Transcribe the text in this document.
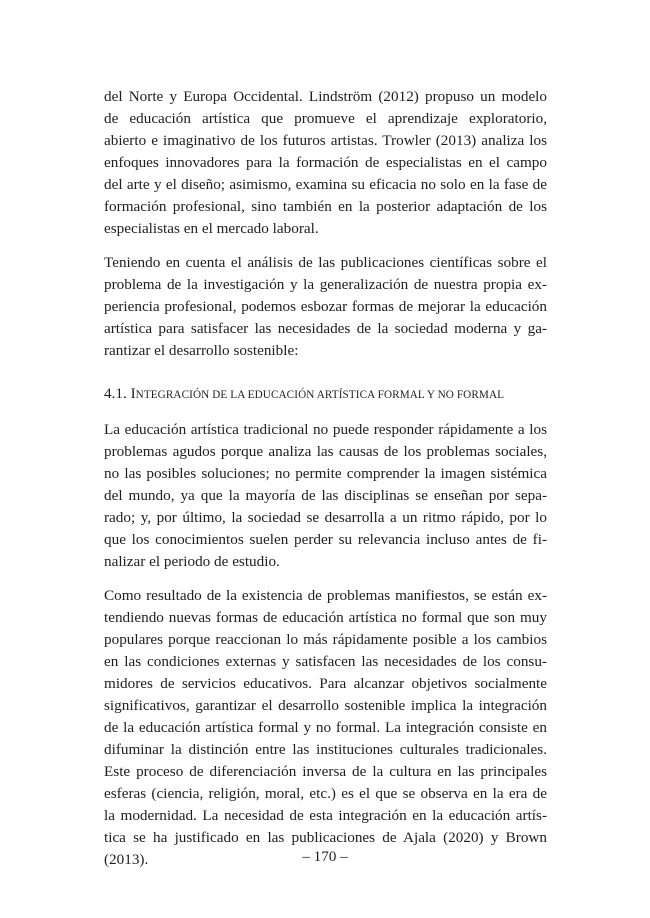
del Norte y Europa Occidental. Lindström (2012) propuso un modelo
de educación artística que promueve el aprendizaje exploratorio,
abierto e imaginativo de los futuros artistas. Trowler (2013) analiza los
enfoques innovadores para la formación de especialistas en el campo
del arte y el diseño; asimismo, examina su eficacia no solo en la fase de
formación profesional, sino también en la posterior adaptación de los
especialistas en el mercado laboral.

Teniendo en cuenta el análisis de las publicaciones científicas sobre el
problema de la investigación y la generalización de nuestra propia ex-
periencia profesional, podemos esbozar formas de mejorar la educación
artística para satisfacer las necesidades de la sociedad moderna y ga-
rantizar el desarrollo sostenible:

4.1. INTEGRACIÓN DE LA EDUCACIÓN ARTÍSTICA FORMAL Y NO FORMAL

La educación artística tradicional no puede responder rápidamente a los
problemas agudos porque analiza las causas de los problemas sociales,
no las posibles soluciones; no permite comprender la imagen sistémica
del mundo, ya que la mayoría de las disciplinas se enseñan por sepa-
rado; y, por último, la sociedad se desarrolla a un ritmo rápido, por lo
que los conocimientos suelen perder su relevancia incluso antes de fi-
nalizar el periodo de estudio.

Como resultado de la existencia de problemas manifiestos, se están ex-
tendiendo nuevas formas de educación artística no formal que son muy
populares porque reaccionan lo más rápidamente posible a los cambios
en las condiciones externas y satisfacen las necesidades de los consu-
midores de servicios educativos. Para alcanzar objetivos socialmente
significativos, garantizar el desarrollo sostenible implica la integración
de la educación artística formal y no formal. La integración consiste en
difuminar la distinción entre las instituciones culturales tradicionales.
Este proceso de diferenciación inversa de la cultura en las principales
esferas (ciencia, religión, moral, etc.) es el que se observa en la era de
la modernidad. La necesidad de esta integración en la educación artís-
tica se ha justificado en las publicaciones de Ajala (2020) y Brown
(2013).	– 170 –
